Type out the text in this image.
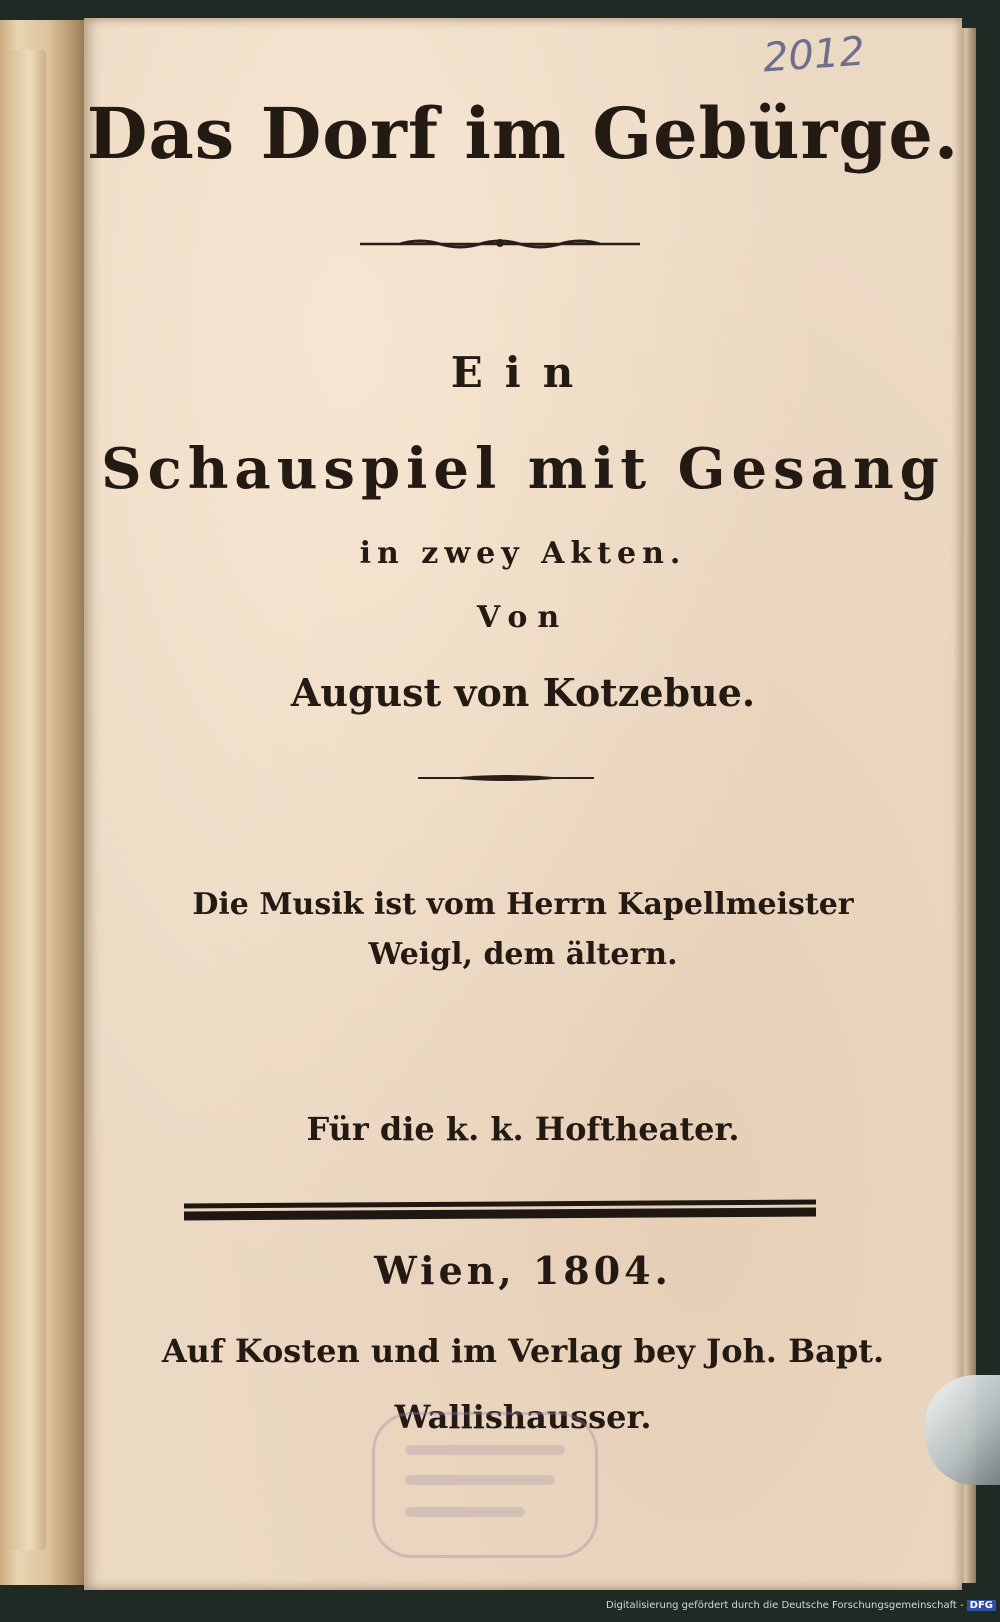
2012

Das Dorf im Gebürge.

Ein

Schauspiel mit Gesang

in zwey Akten.

Von

August von Kotzebue.

Die Musik ist vom Herrn Kapellmeister
Weigl, dem ältern.

Für die k. k. Hoftheater.

Wien, 1804.

Auf Kosten und im Verlag bey Joh. Bapt.
Wallishausser.

Digitalisierung gefördert durch die Deutsche Forschungsgemeinschaft - DFG
